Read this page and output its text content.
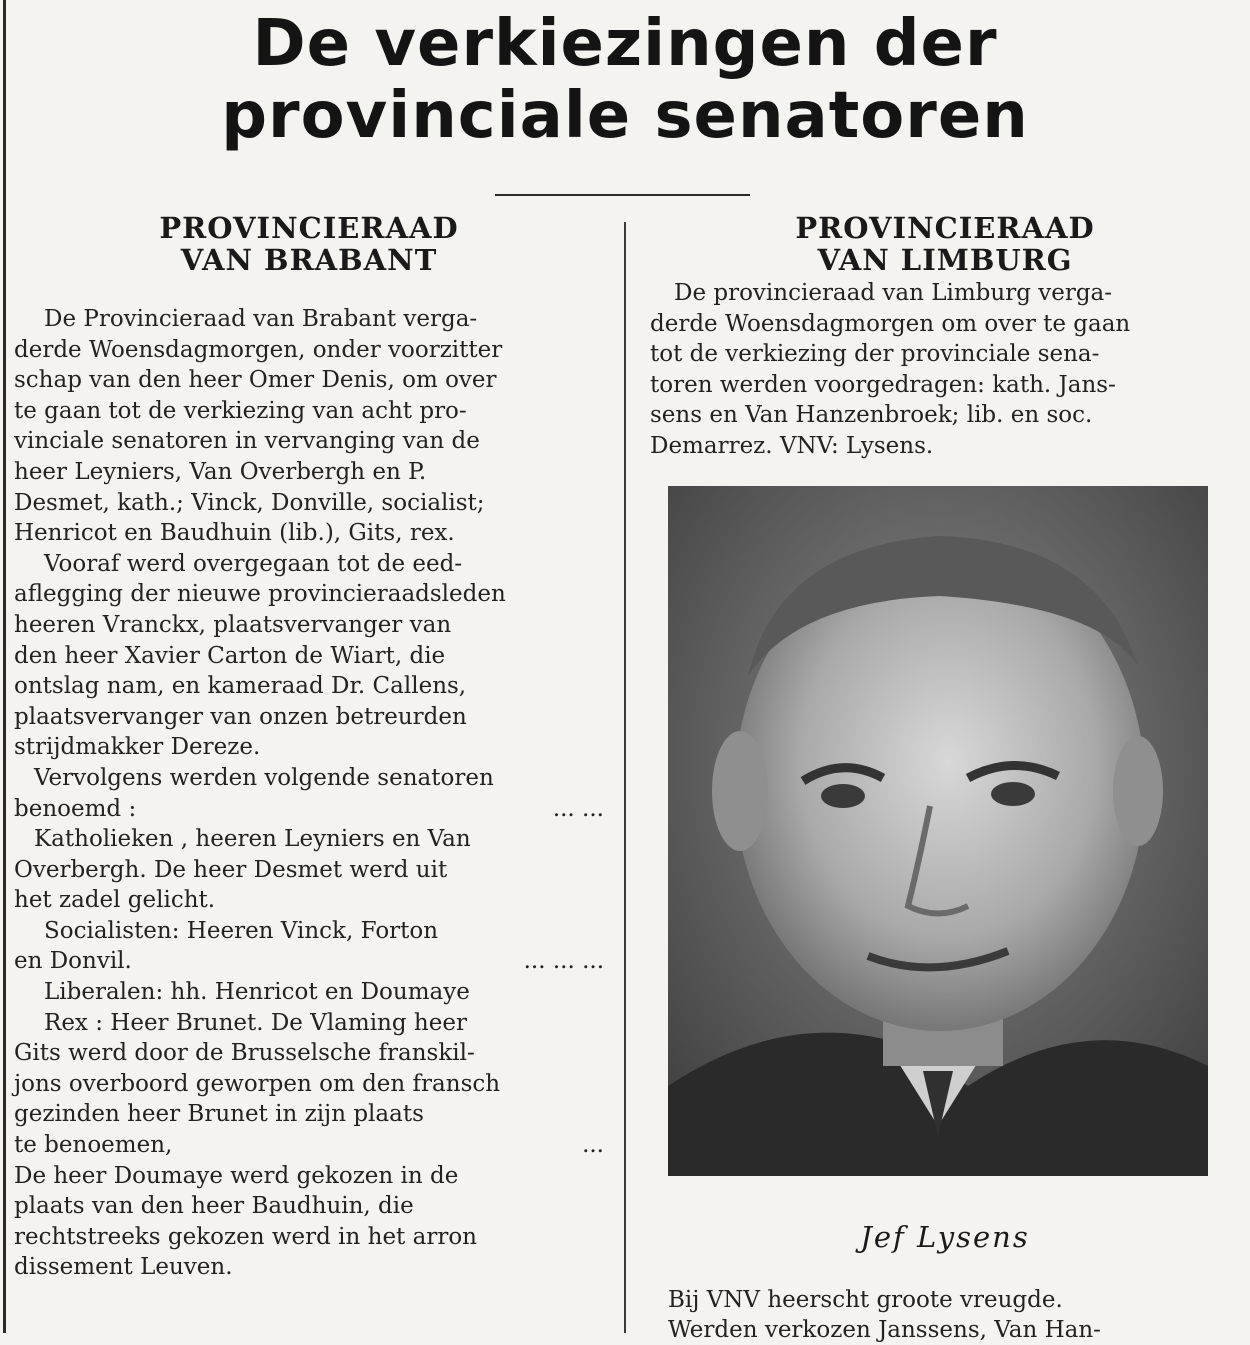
De verkiezingen der
provinciale senatoren
PROVINCIERAAD
VAN BRABANT
De Provincieraad van Brabant verga-
derde Woensdagmorgen, onder voorzitter
schap van den heer Omer Denis, om over
te gaan tot de verkiezing van acht pro-
vinciale senatoren in vervanging van de
heer Leyniers, Van Overbergh en P.
Desmet, kath.; Vinck, Donville, socialist;
Henricot en Baudhuin (lib.), Gits, rex.
Vooraf werd overgegaan tot de eed-
aflegging der nieuwe provincieraadsleden
heeren Vranckx, plaatsvervanger van
den heer Xavier Carton de Wiart, die
ontslag nam, en kameraad Dr. Callens,
plaatsvervanger van onzen betreurden
strijdmakker Dereze.
Vervolgens werden volgende senatoren
benoemd :	... ...
Katholieken , heeren Leyniers en Van
Overbergh. De heer Desmet werd uit
het zadel gelicht.
Socialisten: Heeren Vinck, Forton
en Donvil.	... ... ...
Liberalen: hh. Henricot en Doumaye
Rex : Heer Brunet. De Vlaming heer
Gits werd door de Brusselsche franskil-
jons overboord geworpen om den fransch
gezinden heer Brunet in zijn plaats
te benoemen,	...
De heer Doumaye werd gekozen in de
plaats van den heer Baudhuin, die
rechtstreeks gekozen werd in het arron
dissement Leuven.
PROVINCIERAAD
VAN LIMBURG
De provincieraad van Limburg verga-
derde Woensdagmorgen om over te gaan
tot de verkiezing der provinciale sena-
toren werden voorgedragen: kath. Jans-
sens en Van Hanzenbroek; lib. en soc.
Demarrez. VNV: Lysens.
Jef Lysens
Bij VNV heerscht groote vreugde.
Werden verkozen Janssens, Van Han-
